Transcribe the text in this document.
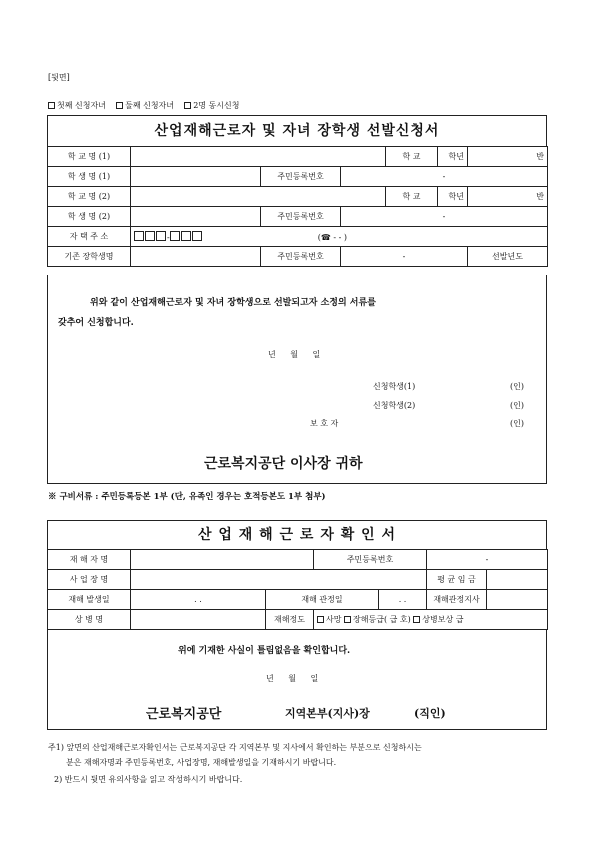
[뒷면]
첫째 신청자녀 둘째 신청자녀 2명 동시신청
산업재해근로자 및 자녀 장학생 선발신청서
학 교 명 (1)				학 교	학년	반
학 생 명 (1)		주민등록번호	-			
학 교 명 (2)				학 교	학년	반
학 생 명 (2)		주민등록번호	-			
자 택 주 소	- (☎ - - )					
기존 장학생명		주민등록번호	-			선발년도
위와 같이 산업재해근로자 및 자녀 장학생으로 선발되고자 소정의 서류를
갖추어 신청합니다.
년 월 일
신청학생(1)	(인)
신청학생(2)	(인)
보 호 자	(인)
근로복지공단 이사장 귀하
※ 구비서류 : 주민등록등본 1부 (단, 유족인 경우는 호적등본도 1부 첨부)
산 업 재 해 근 로 자 확 인 서
재 해 자 명			주민등록번호		-	
사 업 장 명					평 균 임 금	
재해 발생일	. .	재해 관정일		. .	재해관정지사	
상 병 명		재해정도	사망 장해등급( 급 호) 상병보상 급			
위에 기재한 사실이 틀림없음을 확인합니다.
년 월 일
근로복지공단	지역본부(지사)장	(직인)
주1) 앞면의 산업재해근로자확인서는 근로복지공단 각 지역본부 및 지사에서 확인하는 부분으로 신청하시는
분은 재해자명과 주민등록번호, 사업장명, 재해발생일을 기재하시기 바랍니다.
2) 반드시 뒷면 유의사항을 읽고 작성하시기 바랍니다.
